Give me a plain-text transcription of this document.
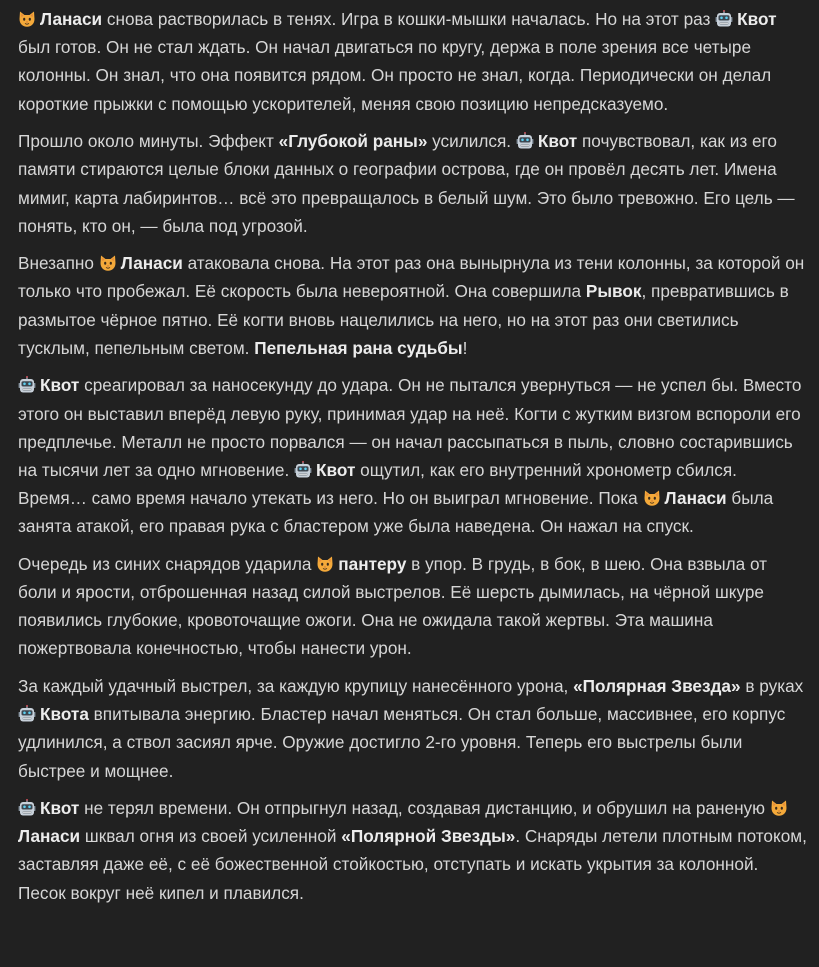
Ланаси снова растворилась в тенях. Игра в кошки-мышки началась. Но на этот раз Квот был готов. Он не стал ждать. Он начал двигаться по кругу, держа в поле зрения все четыре колонны. Он знал, что она появится рядом. Он просто не знал, когда. Периодически он делал короткие прыжки с помощью ускорителей, меняя свою позицию непредсказуемо.

Прошло около минуты. Эффект «Глубокой раны» усилился. Квот почувствовал, как из его памяти стираются целые блоки данных о географии острова, где он провёл десять лет. Имена мимиг, карта лабиринтов… всё это превращалось в белый шум. Это было тревожно. Его цель — понять, кто он, — была под угрозой.

Внезапно Ланаси атаковала снова. На этот раз она вынырнула из тени колонны, за которой он только что пробежал. Её скорость была невероятной. Она совершила Рывок, превратившись в размытое чёрное пятно. Её когти вновь нацелились на него, но на этот раз они светились тусклым, пепельным светом. Пепельная рана судьбы!

Квот среагировал за наносекунду до удара. Он не пытался увернуться — не успел бы. Вместо этого он выставил вперёд левую руку, принимая удар на неё. Когти с жутким визгом вспороли его предплечье. Металл не просто порвался — он начал рассыпаться в пыль, словно состарившись на тысячи лет за одно мгновение. Квот ощутил, как его внутренний хронометр сбился. Время… само время начало утекать из него. Но он выиграл мгновение. Пока Ланаси была занята атакой, его правая рука с бластером уже была наведена. Он нажал на спуск.

Очередь из синих снарядов ударила пантеру в упор. В грудь, в бок, в шею. Она взвыла от боли и ярости, отброшенная назад силой выстрелов. Её шерсть дымилась, на чёрной шкуре появились глубокие, кровоточащие ожоги. Она не ожидала такой жертвы. Эта машина пожертвовала конечностью, чтобы нанести урон.

За каждый удачный выстрел, за каждую крупицу нанесённого урона, «Полярная Звезда» в руках Квота впитывала энергию. Бластер начал меняться. Он стал больше, массивнее, его корпус удлинился, а ствол засиял ярче. Оружие достигло 2-го уровня. Теперь его выстрелы были быстрее и мощнее.

Квот не терял времени. Он отпрыгнул назад, создавая дистанцию, и обрушил на раненую Ланаси шквал огня из своей усиленной «Полярной Звезды». Снаряды летели плотным потоком, заставляя даже её, с её божественной стойкостью, отступать и искать укрытия за колонной. Песок вокруг неё кипел и плавился.
